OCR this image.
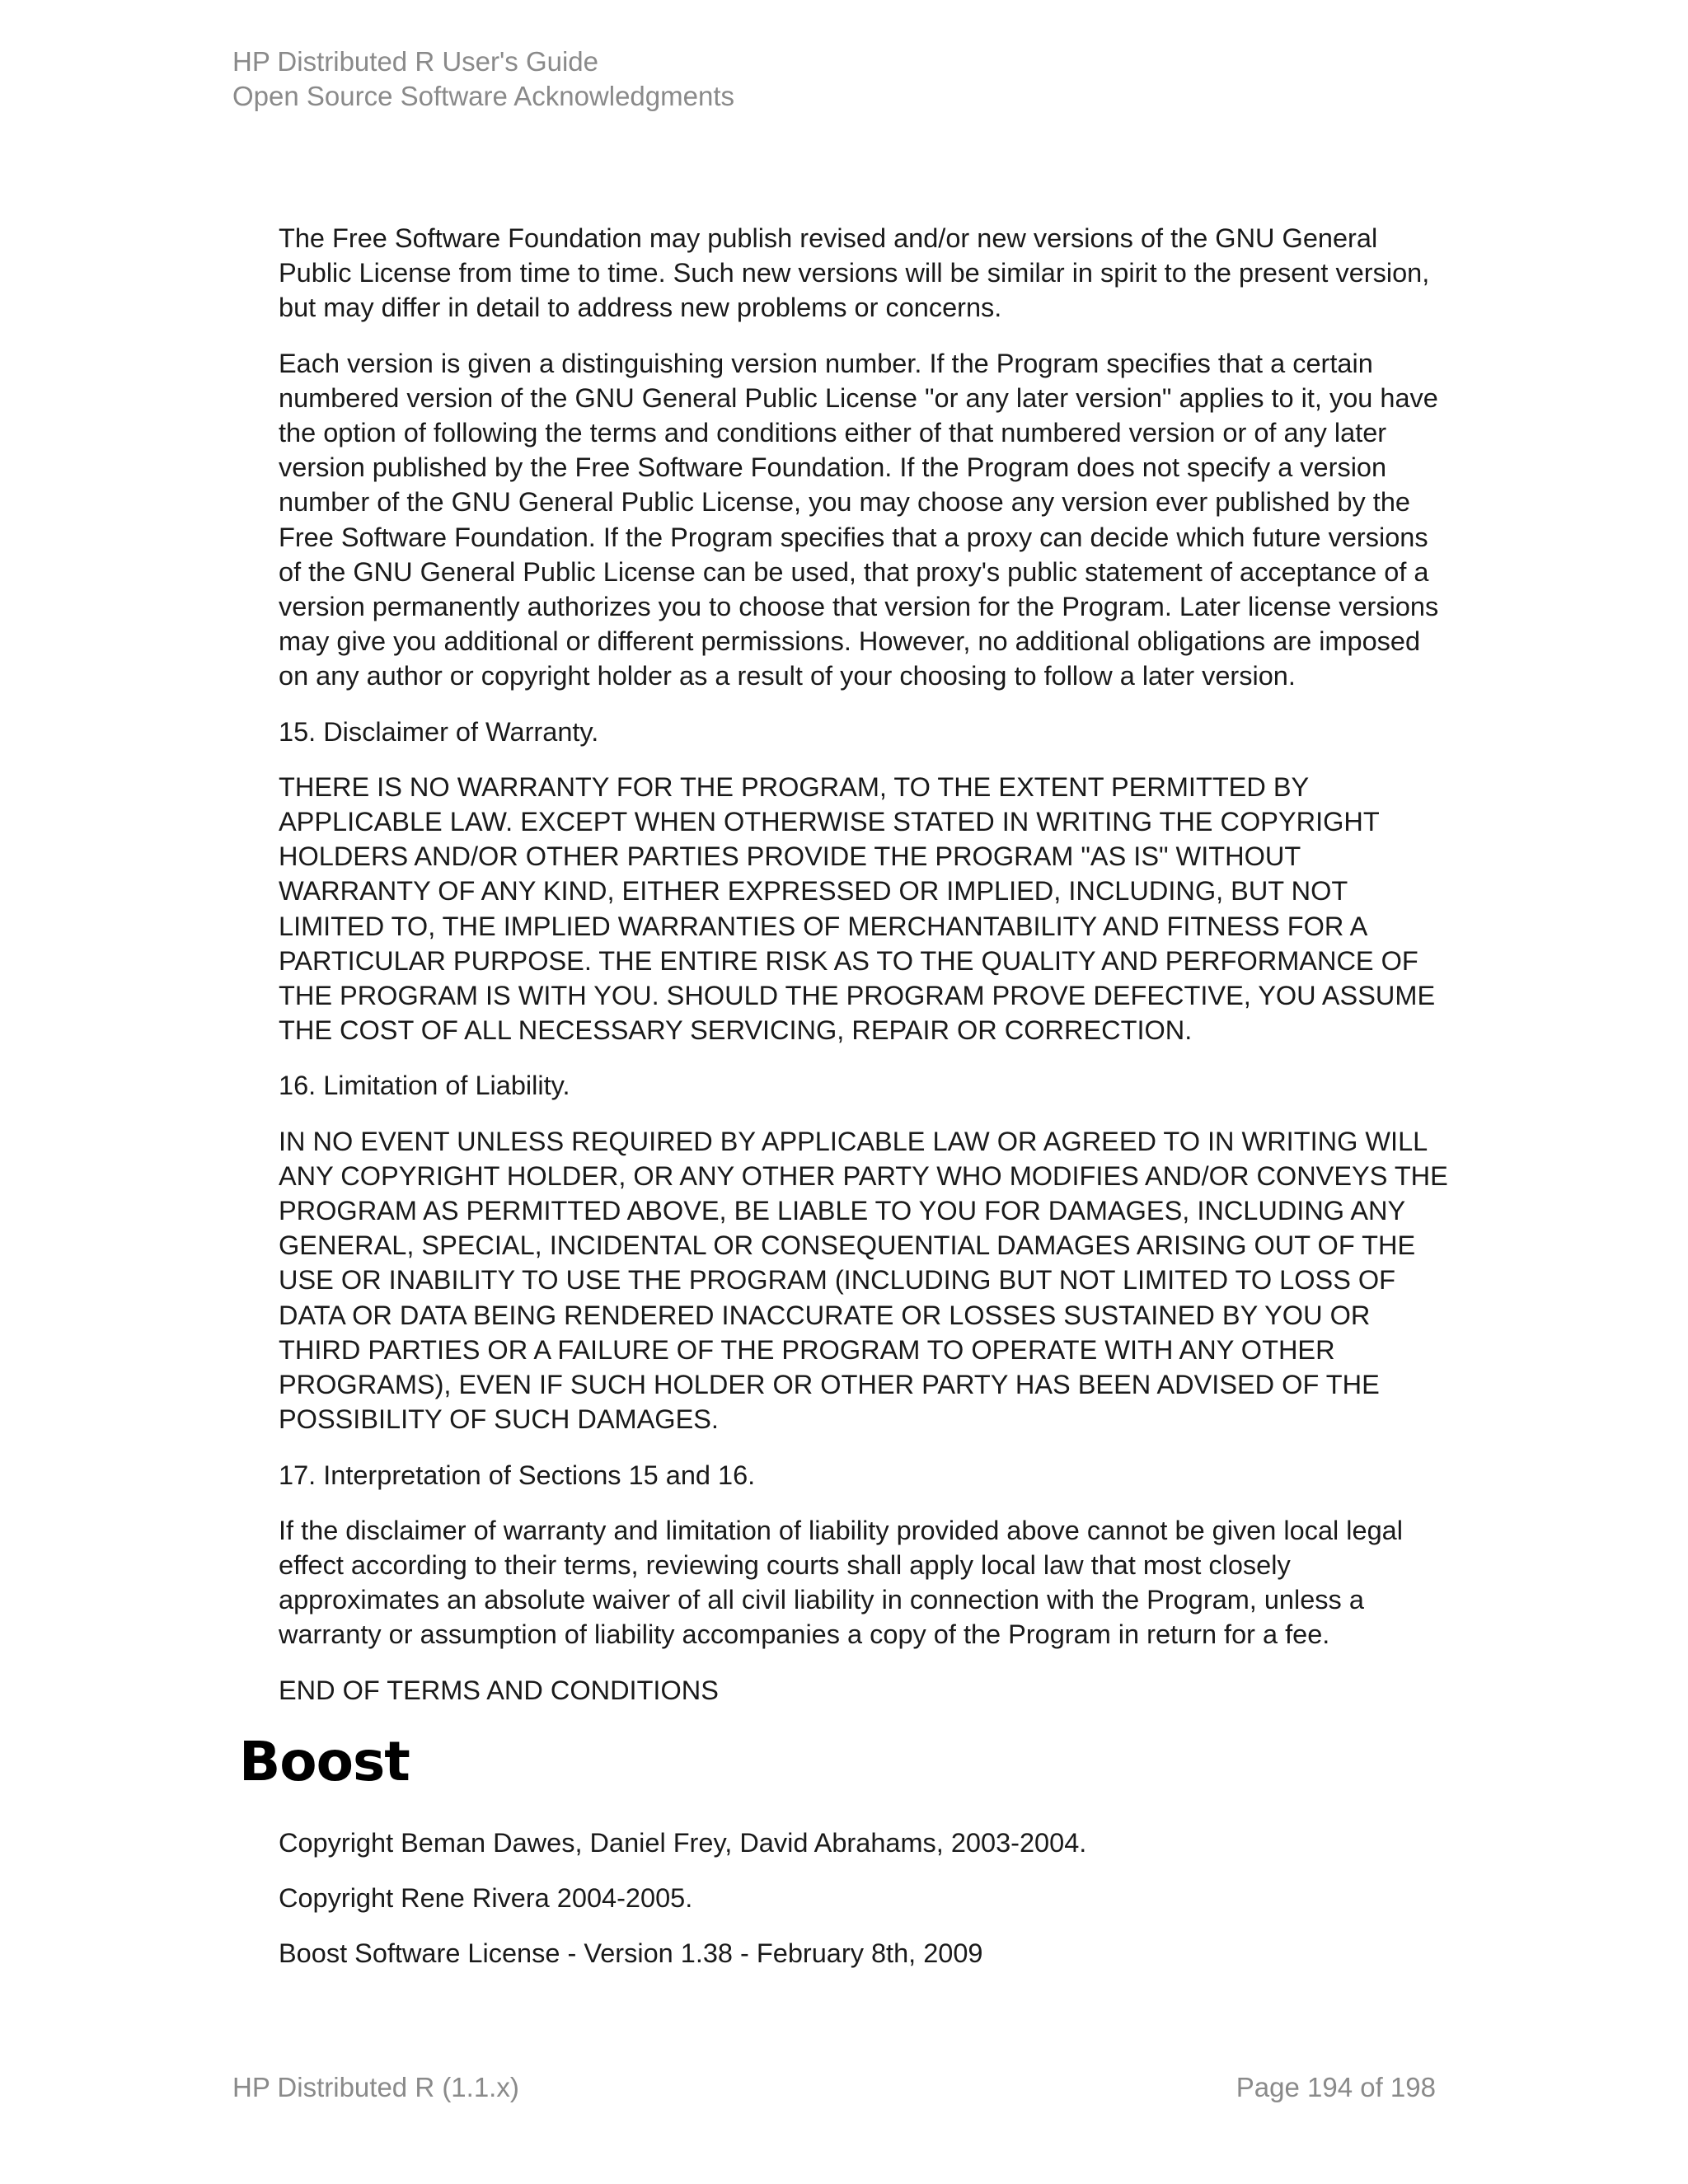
HP Distributed R User's Guide
Open Source Software Acknowledgments

The Free Software Foundation may publish revised and/or new versions of the GNU General Public License from time to time. Such new versions will be similar in spirit to the present version, but may differ in detail to address new problems or concerns.

Each version is given a distinguishing version number. If the Program specifies that a certain numbered version of the GNU General Public License "or any later version" applies to it, you have the option of following the terms and conditions either of that numbered version or of any later version published by the Free Software Foundation. If the Program does not specify a version number of the GNU General Public License, you may choose any version ever published by the Free Software Foundation. If the Program specifies that a proxy can decide which future versions of the GNU General Public License can be used, that proxy's public statement of acceptance of a version permanently authorizes you to choose that version for the Program. Later license versions may give you additional or different permissions. However, no additional obligations are imposed on any author or copyright holder as a result of your choosing to follow a later version.

15. Disclaimer of Warranty.

THERE IS NO WARRANTY FOR THE PROGRAM, TO THE EXTENT PERMITTED BY APPLICABLE LAW. EXCEPT WHEN OTHERWISE STATED IN WRITING THE COPYRIGHT HOLDERS AND/OR OTHER PARTIES PROVIDE THE PROGRAM "AS IS" WITHOUT WARRANTY OF ANY KIND, EITHER EXPRESSED OR IMPLIED, INCLUDING, BUT NOT LIMITED TO, THE IMPLIED WARRANTIES OF MERCHANTABILITY AND FITNESS FOR A PARTICULAR PURPOSE. THE ENTIRE RISK AS TO THE QUALITY AND PERFORMANCE OF THE PROGRAM IS WITH YOU. SHOULD THE PROGRAM PROVE DEFECTIVE, YOU ASSUME THE COST OF ALL NECESSARY SERVICING, REPAIR OR CORRECTION.

16. Limitation of Liability.

IN NO EVENT UNLESS REQUIRED BY APPLICABLE LAW OR AGREED TO IN WRITING WILL ANY COPYRIGHT HOLDER, OR ANY OTHER PARTY WHO MODIFIES AND/OR CONVEYS THE PROGRAM AS PERMITTED ABOVE, BE LIABLE TO YOU FOR DAMAGES, INCLUDING ANY GENERAL, SPECIAL, INCIDENTAL OR CONSEQUENTIAL DAMAGES ARISING OUT OF THE USE OR INABILITY TO USE THE PROGRAM (INCLUDING BUT NOT LIMITED TO LOSS OF DATA OR DATA BEING RENDERED INACCURATE OR LOSSES SUSTAINED BY YOU OR THIRD PARTIES OR A FAILURE OF THE PROGRAM TO OPERATE WITH ANY OTHER PROGRAMS), EVEN IF SUCH HOLDER OR OTHER PARTY HAS BEEN ADVISED OF THE POSSIBILITY OF SUCH DAMAGES.

17. Interpretation of Sections 15 and 16.

If the disclaimer of warranty and limitation of liability provided above cannot be given local legal effect according to their terms, reviewing courts shall apply local law that most closely approximates an absolute waiver of all civil liability in connection with the Program, unless a warranty or assumption of liability accompanies a copy of the Program in return for a fee.

END OF TERMS AND CONDITIONS

Boost

Copyright Beman Dawes, Daniel Frey, David Abrahams, 2003-2004.

Copyright Rene Rivera 2004-2005.

Boost Software License - Version 1.38 - February 8th, 2009

HP Distributed R (1.1.x)	Page 194 of 198
